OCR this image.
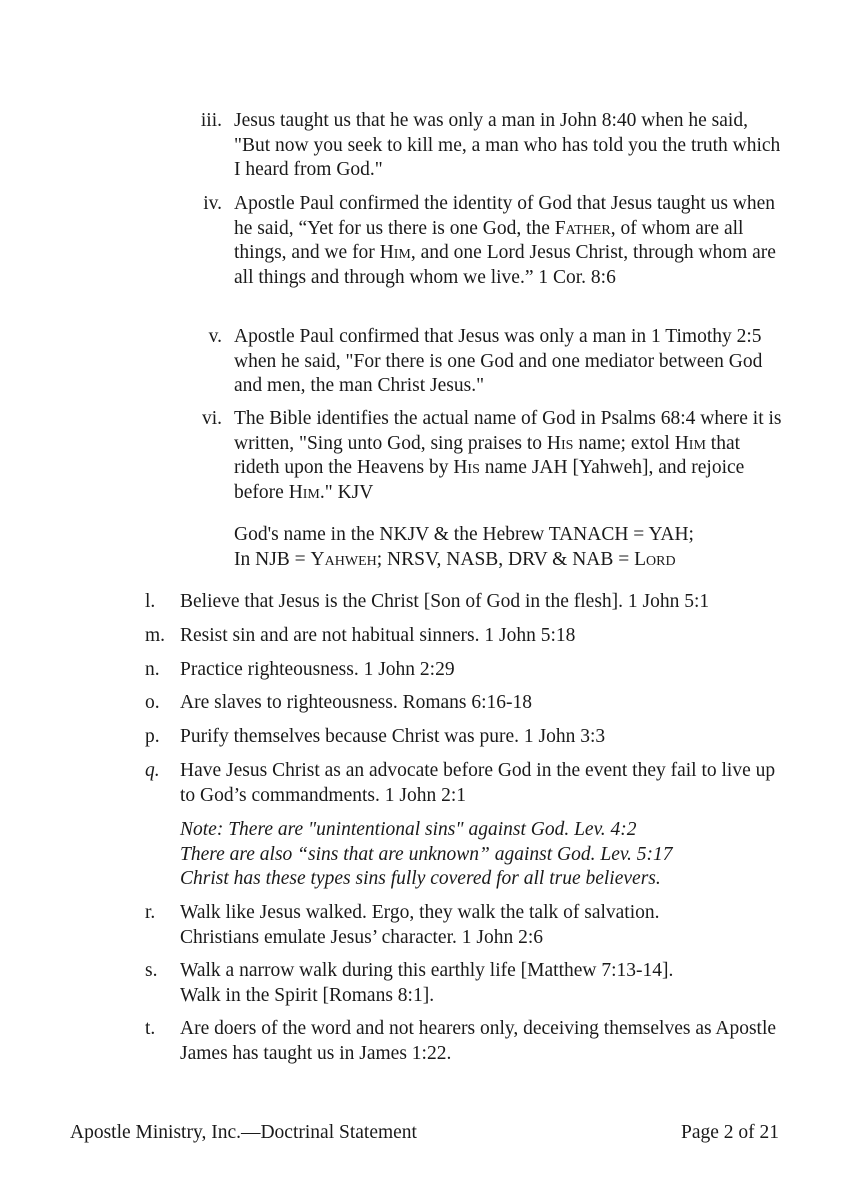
iii. Jesus taught us that he was only a man in John 8:40 when he said, "But now you seek to kill me, a man who has told you the truth which I heard from God."
iv. Apostle Paul confirmed the identity of God that Jesus taught us when he said, “Yet for us there is one God, the Father, of whom are all things, and we for Him, and one Lord Jesus Christ, through whom are all things and through whom we live.” 1 Cor. 8:6
v. Apostle Paul confirmed that Jesus was only a man in 1 Timothy 2:5 when he said, "For there is one God and one mediator between God and men, the man Christ Jesus."
vi. The Bible identifies the actual name of God in Psalms 68:4 where it is written, "Sing unto God, sing praises to His name; extol Him that rideth upon the Heavens by His name JAH [Yahweh], and rejoice before Him." KJV
God's name in the NKJV & the Hebrew TANACH = YAH;
In NJB = Yahweh; NRSV, NASB, DRV & NAB = Lord
l.	Believe that Jesus is the Christ [Son of God in the flesh]. 1 John 5:1
m. Resist sin and are not habitual sinners. 1 John 5:18
n.	Practice righteousness. 1 John 2:29
o.	Are slaves to righteousness. Romans 6:16-18
p.	Purify themselves because Christ was pure. 1 John 3:3
q.	Have Jesus Christ as an advocate before God in the event they fail to live up to God’s commandments. 1 John 2:1
Note: There are "unintentional sins" against God. Lev. 4:2
There are also “sins that are unknown” against God. Lev. 5:17
Christ has these types sins fully covered for all true believers.
r.	Walk like Jesus walked. Ergo, they walk the talk of salvation.
Christians emulate Jesus’ character. 1 John 2:6
s.	Walk a narrow walk during this earthly life [Matthew 7:13-14].
Walk in the Spirit [Romans 8:1].
t.	Are doers of the word and not hearers only, deceiving themselves as Apostle James has taught us in James 1:22.
Apostle Ministry, Inc.—Doctrinal Statement	Page 2 of 21
